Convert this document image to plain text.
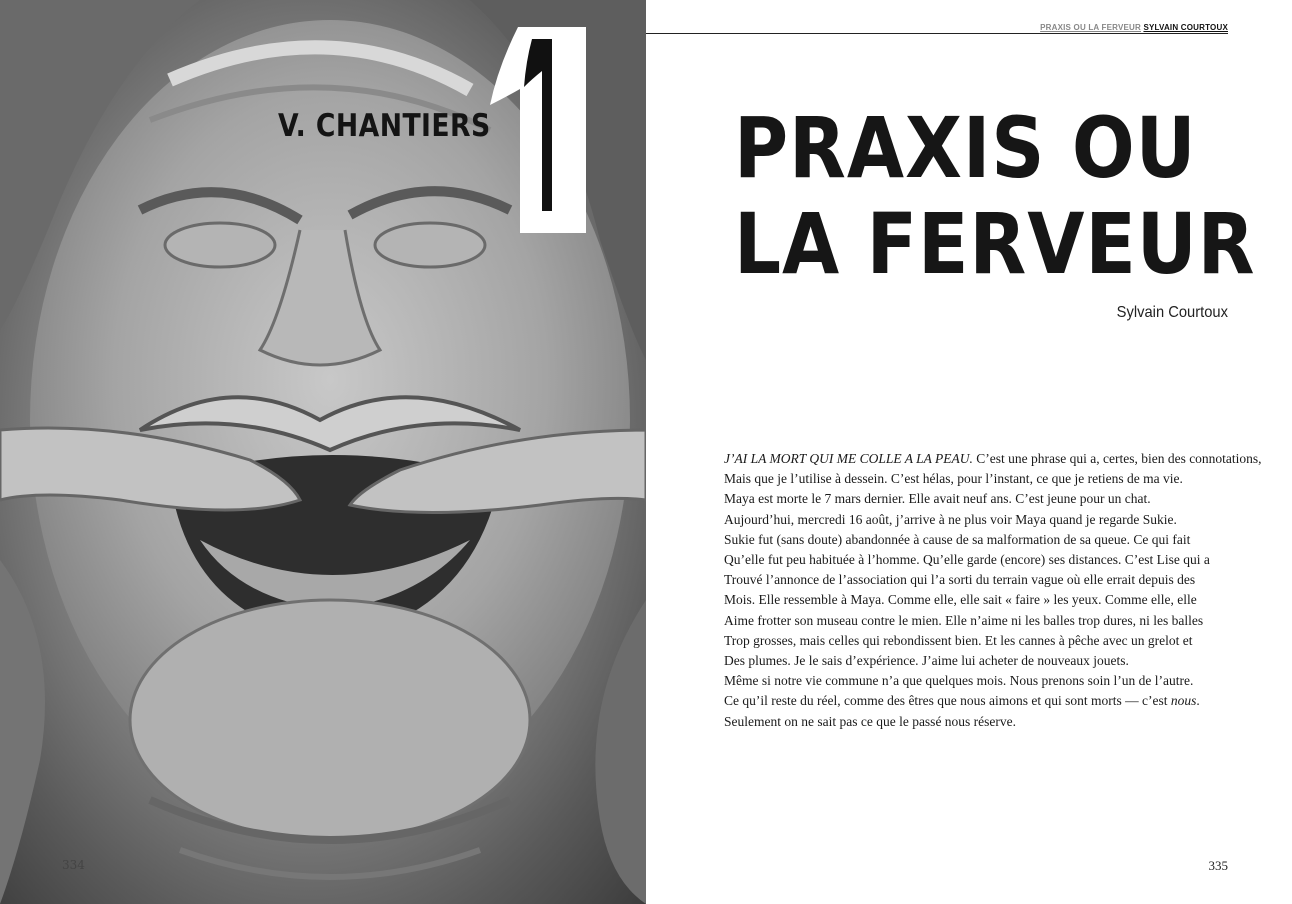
V. CHANTIERS
334
PRAXIS OU LA FERVEUR SYLVAIN COURTOUX
PRAXIS OU
LA FERVEUR
Sylvain Courtoux
J’AI LA MORT QUI ME COLLE A LA PEAU. C’est une phrase qui a, certes, bien des connotations,
Mais que je l’utilise à dessein. C’est hélas, pour l’instant, ce que je retiens de ma vie.
Maya est morte le 7 mars dernier. Elle avait neuf ans. C’est jeune pour un chat.
Aujourd’hui, mercredi 16 août, j’arrive à ne plus voir Maya quand je regarde Sukie.
Sukie fut (sans doute) abandonnée à cause de sa malformation de sa queue. Ce qui fait
Qu’elle fut peu habituée à l’homme. Qu’elle garde (encore) ses distances. C’est Lise qui a
Trouvé l’annonce de l’association qui l’a sorti du terrain vague où elle errait depuis des
Mois. Elle ressemble à Maya. Comme elle, elle sait « faire » les yeux. Comme elle, elle
Aime frotter son museau contre le mien. Elle n’aime ni les balles trop dures, ni les balles
Trop grosses, mais celles qui rebondissent bien. Et les cannes à pêche avec un grelot et
Des plumes. Je le sais d’expérience. J’aime lui acheter de nouveaux jouets.
Même si notre vie commune n’a que quelques mois. Nous prenons soin l’un de l’autre.
Ce qu’il reste du réel, comme des êtres que nous aimons et qui sont morts — c’est nous.
Seulement on ne sait pas ce que le passé nous réserve.
335
